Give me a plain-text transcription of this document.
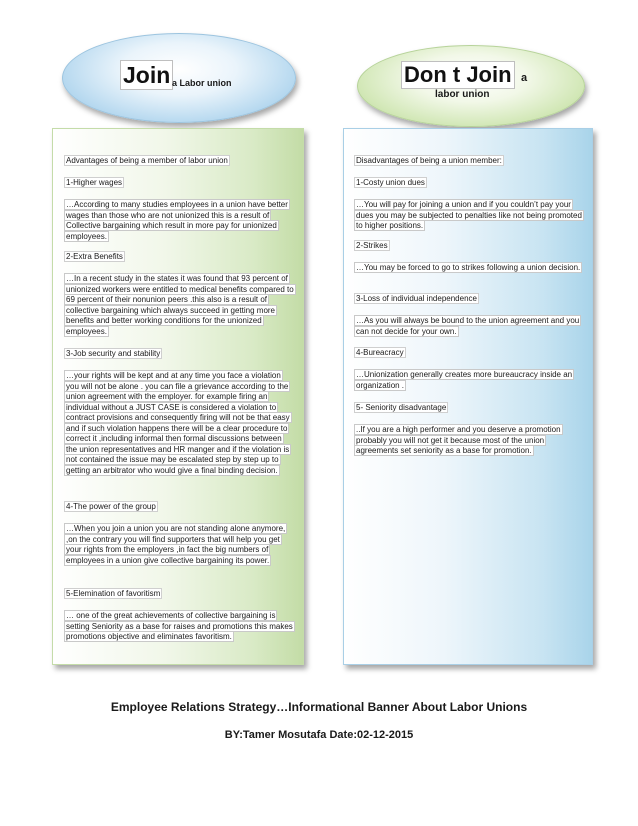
Join a Labor union	Don t Join a
labor union
Advantages of being a member of labor union
1-Higher wages
…According to many studies employees in a union have better wages than those who are not unionized this is a result of Collective bargaining which result in more pay for unionized employees.
2-Extra Benefits
…In a recent study in the states it was found that 93 percent of unionized workers were entitled to medical benefits compared to 69 percent of their nonunion peers .this also is a result of collective bargaining which always succeed in getting more benefits and better working conditions for the unionized employees.
3-Job security and stability
…your rights will be kept and at any time you face a violation you will not be alone . you can file a grievance according to the union agreement with the employer. for example firing an individual without a JUST CASE is considered a violation to contract provisions and consequently firing will not be that easy and if such violation happens there will be a clear procedure to correct it ,including informal then formal discussions between the union representatives and HR manger and if the violation is not contained the issue may be escalated step by step up to getting an arbitrator who would give a final binding decision.
4-The power of the group
…When you join a union you are not standing alone anymore, ,on the contrary you will find supporters that will help you get your rights from the employers ,in fact the big numbers of employees in a union give collective bargaining its power.
5-Elemination of favoritism
… one of the great achievements of collective bargaining is setting Seniority as a base for raises and promotions this makes promotions objective and eliminates favoritism.
Disadvantages of being a union member:
1-Costy union dues
…You will pay for joining a union and if you couldn’t pay your dues you may be subjected to penalties like not being promoted to higher positions.
2-Strikes
…You may be forced to go to strikes following a union decision.
3-Loss of individual independence
…As you will always be bound to the union agreement and you can not decide for your own.
4-Bureacracy
…Unionization generally creates more bureaucracy inside an organization .
5- Seniority disadvantage
..If you are a high performer and you deserve a promotion probably you will not get it because most of the union agreements set seniority as a base for promotion.
Employee Relations Strategy…Informational Banner About Labor Unions
BY:Tamer Mosutafa Date:02-12-2015
